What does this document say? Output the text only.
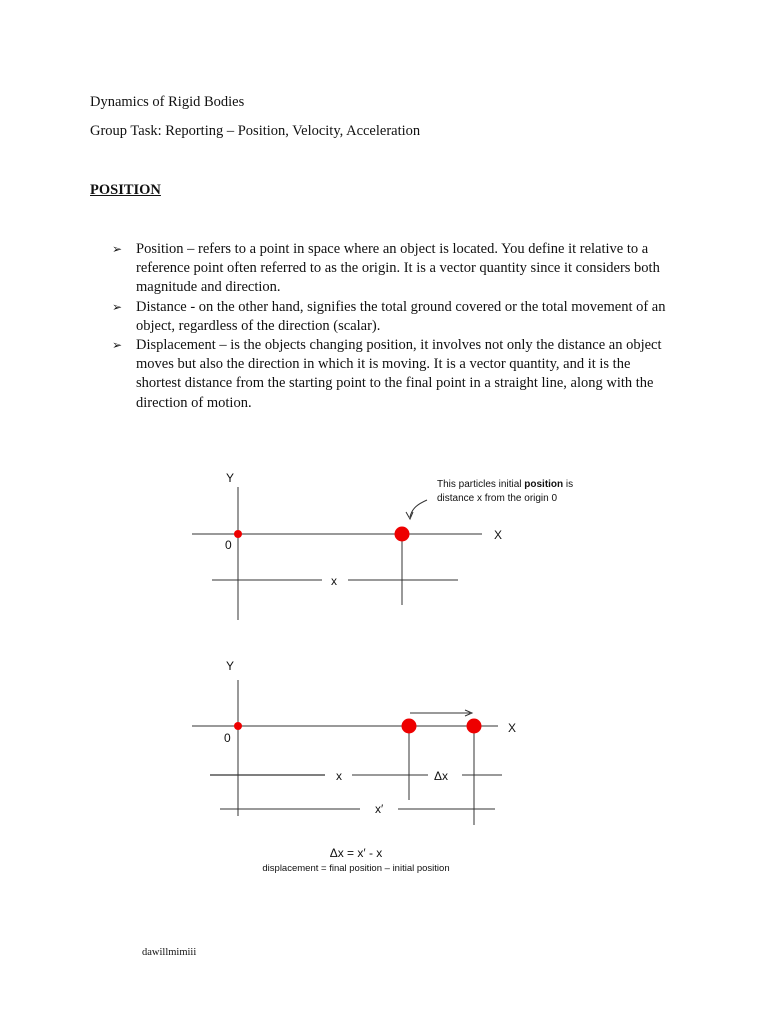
Dynamics of Rigid Bodies
Group Task: Reporting – Position, Velocity, Acceleration
POSITION
➢ Position – refers to a point in space where an object is located. You define it relative to a reference point often referred to as the origin. It is a vector quantity since it considers both magnitude and direction.
➢ Distance - on the other hand, signifies the total ground covered or the total movement of an object, regardless of the direction (scalar).
➢ Displacement – is the objects changing position, it involves not only the distance an object moves but also the direction in which it is moving. It is a vector quantity, and it is the shortest distance from the starting point to the final point in a straight line, along with the direction of motion.
Y
X
0
x
This particles initial position is
distance x from the origin 0
Y
X
0
x	Δx
x′
Δx = x′ - x
displacement = final position – initial position
dawillmimiii
